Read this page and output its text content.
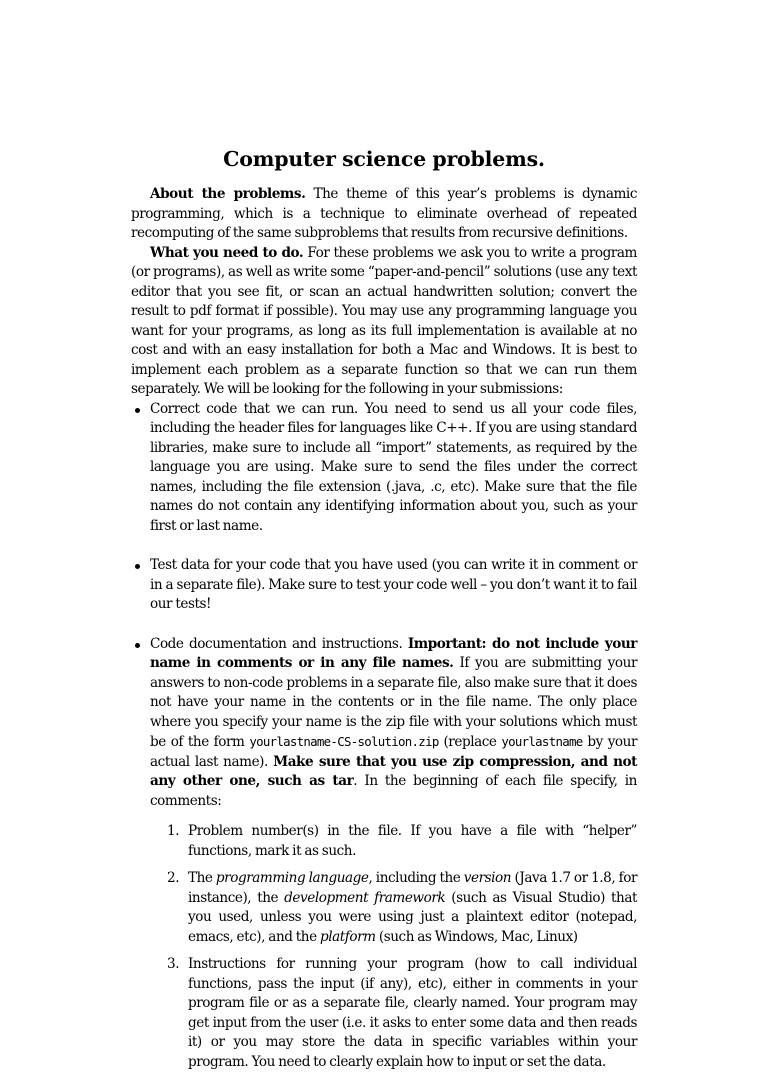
Computer science problems.

About the problems. The theme of this year’s problems is dynamic programming, which is a technique to eliminate overhead of repeated recomputing of the same subproblems that results from recursive definitions.

What you need to do. For these problems we ask you to write a program (or programs), as well as write some “paper-and-pencil” solutions (use any text editor that you see fit, or scan an actual handwritten solution; convert the result to pdf format if possible). You may use any programming language you want for your programs, as long as its full implementation is available at no cost and with an easy installation for both a Mac and Windows. It is best to implement each problem as a separate function so that we can run them separately. We will be looking for the following in your submissions:

Correct code that we can run. You need to send us all your code files, including the header files for languages like C++. If you are using standard libraries, make sure to include all “import” statements, as required by the language you are using. Make sure to send the files under the correct names, including the file extension (.java, .c, etc). Make sure that the file names do not contain any identifying information about you, such as your first or last name.
Test data for your code that you have used (you can write it in comment or in a separate file). Make sure to test your code well – you don’t want it to fail our tests!
Code documentation and instructions. Important: do not include your name in comments or in any file names. If you are submitting your answers to non-code problems in a separate file, also make sure that it does not have your name in the contents or in the file name. The only place where you specify your name is the zip file with your solutions which must be of the form yourlastname-CS-solution.zip (replace yourlastname by your actual last name). Make sure that you use zip compression, and not any other one, such as tar. In the beginning of each file specify, in comments:
1. Problem number(s) in the file. If you have a file with “helper” functions, mark it as such.
2. The programming language, including the version (Java 1.7 or 1.8, for instance), the development framework (such as Visual Studio) that you used, unless you were using just a plaintext editor (notepad, emacs, etc), and the platform (such as Windows, Mac, Linux)
3. Instructions for running your program (how to call individual functions, pass the input (if any), etc), either in comments in your program file or as a separate file, clearly named. Your program may get input from the user (i.e. it asks to enter some data and then reads it) or you may store the data in specific variables within your program. You need to clearly explain how to input or set the data.
